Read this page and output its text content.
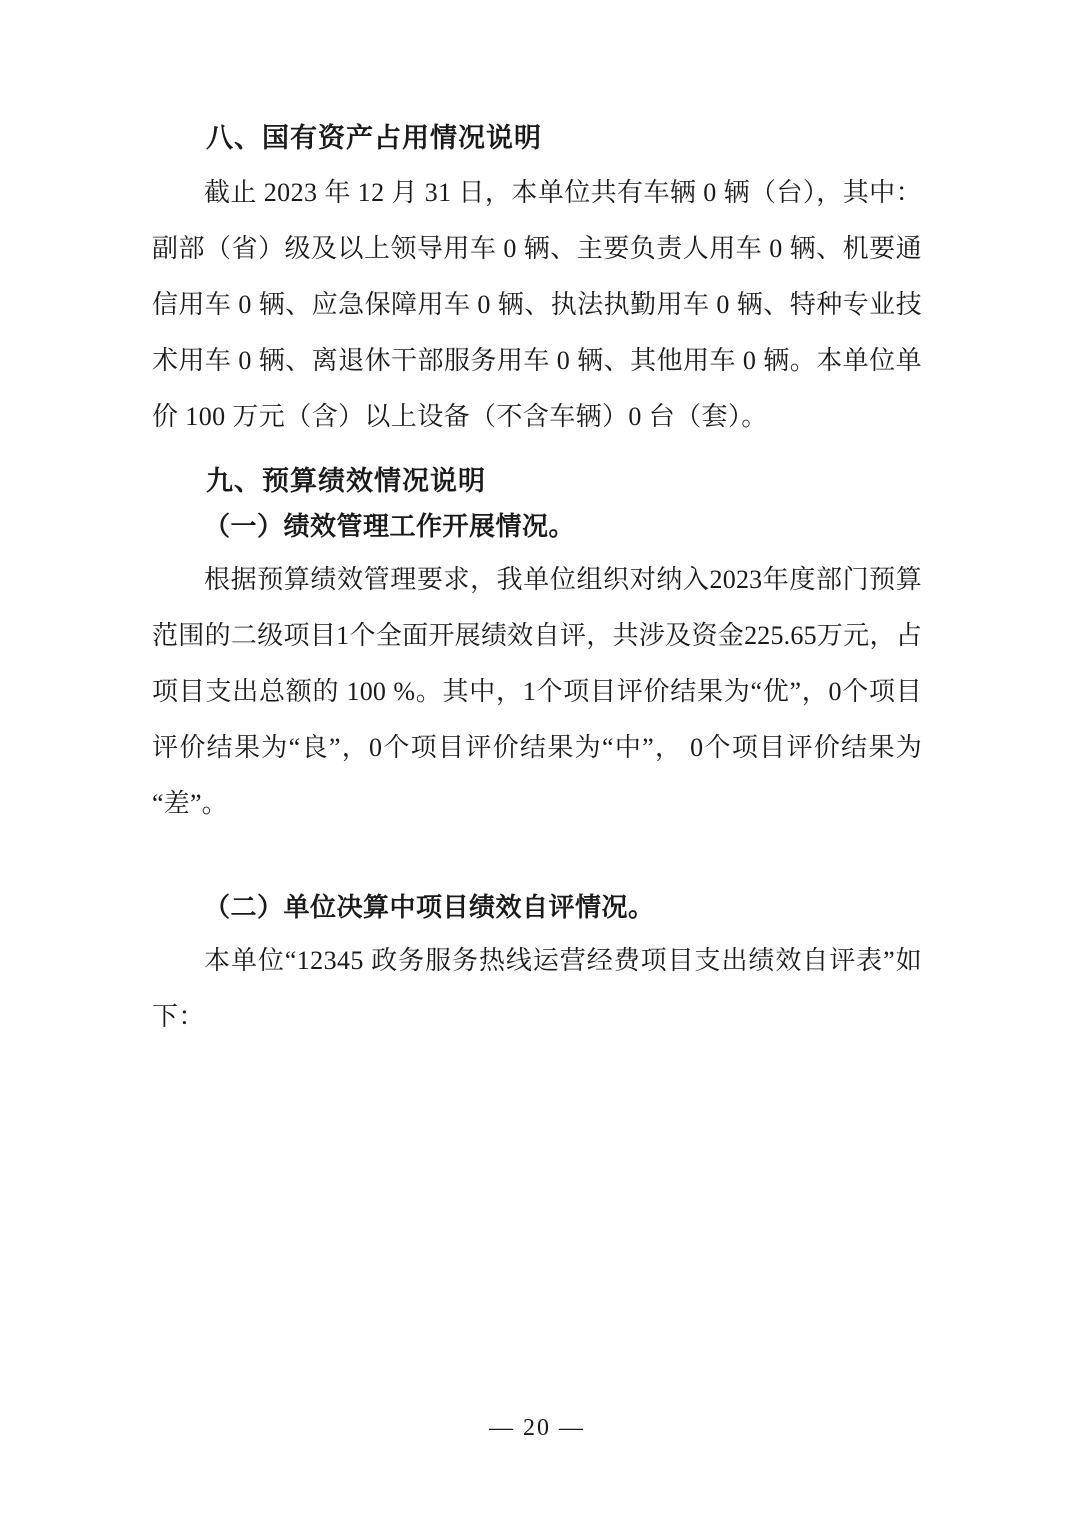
八、国有资产占用情况说明

截止 2023 年 12 月 31 日，本单位共有车辆 0 辆（台），其中：副部（省）级及以上领导用车 0 辆、主要负责人用车 0 辆、机要通信用车 0 辆、应急保障用车 0 辆、执法执勤用车 0 辆、特种专业技术用车 0 辆、离退休干部服务用车 0 辆、其他用车 0 辆。本单位单价 100 万元（含）以上设备（不含车辆）0 台（套）。

九、预算绩效情况说明
（一）绩效管理工作开展情况。

根据预算绩效管理要求，我单位组织对纳入2023年度部门预算范围的二级项目1个全面开展绩效自评，共涉及资金225.65万元，占项目支出总额的 100 %。其中，1个项目评价结果为“优”，0个项目评价结果为“良”，0个项目评价结果为“中”， 0个项目评价结果为“差”。

（二）单位决算中项目绩效自评情况。

本单位“12345 政务服务热线运营经费项目支出绩效自评表”如下：

— 20 —
